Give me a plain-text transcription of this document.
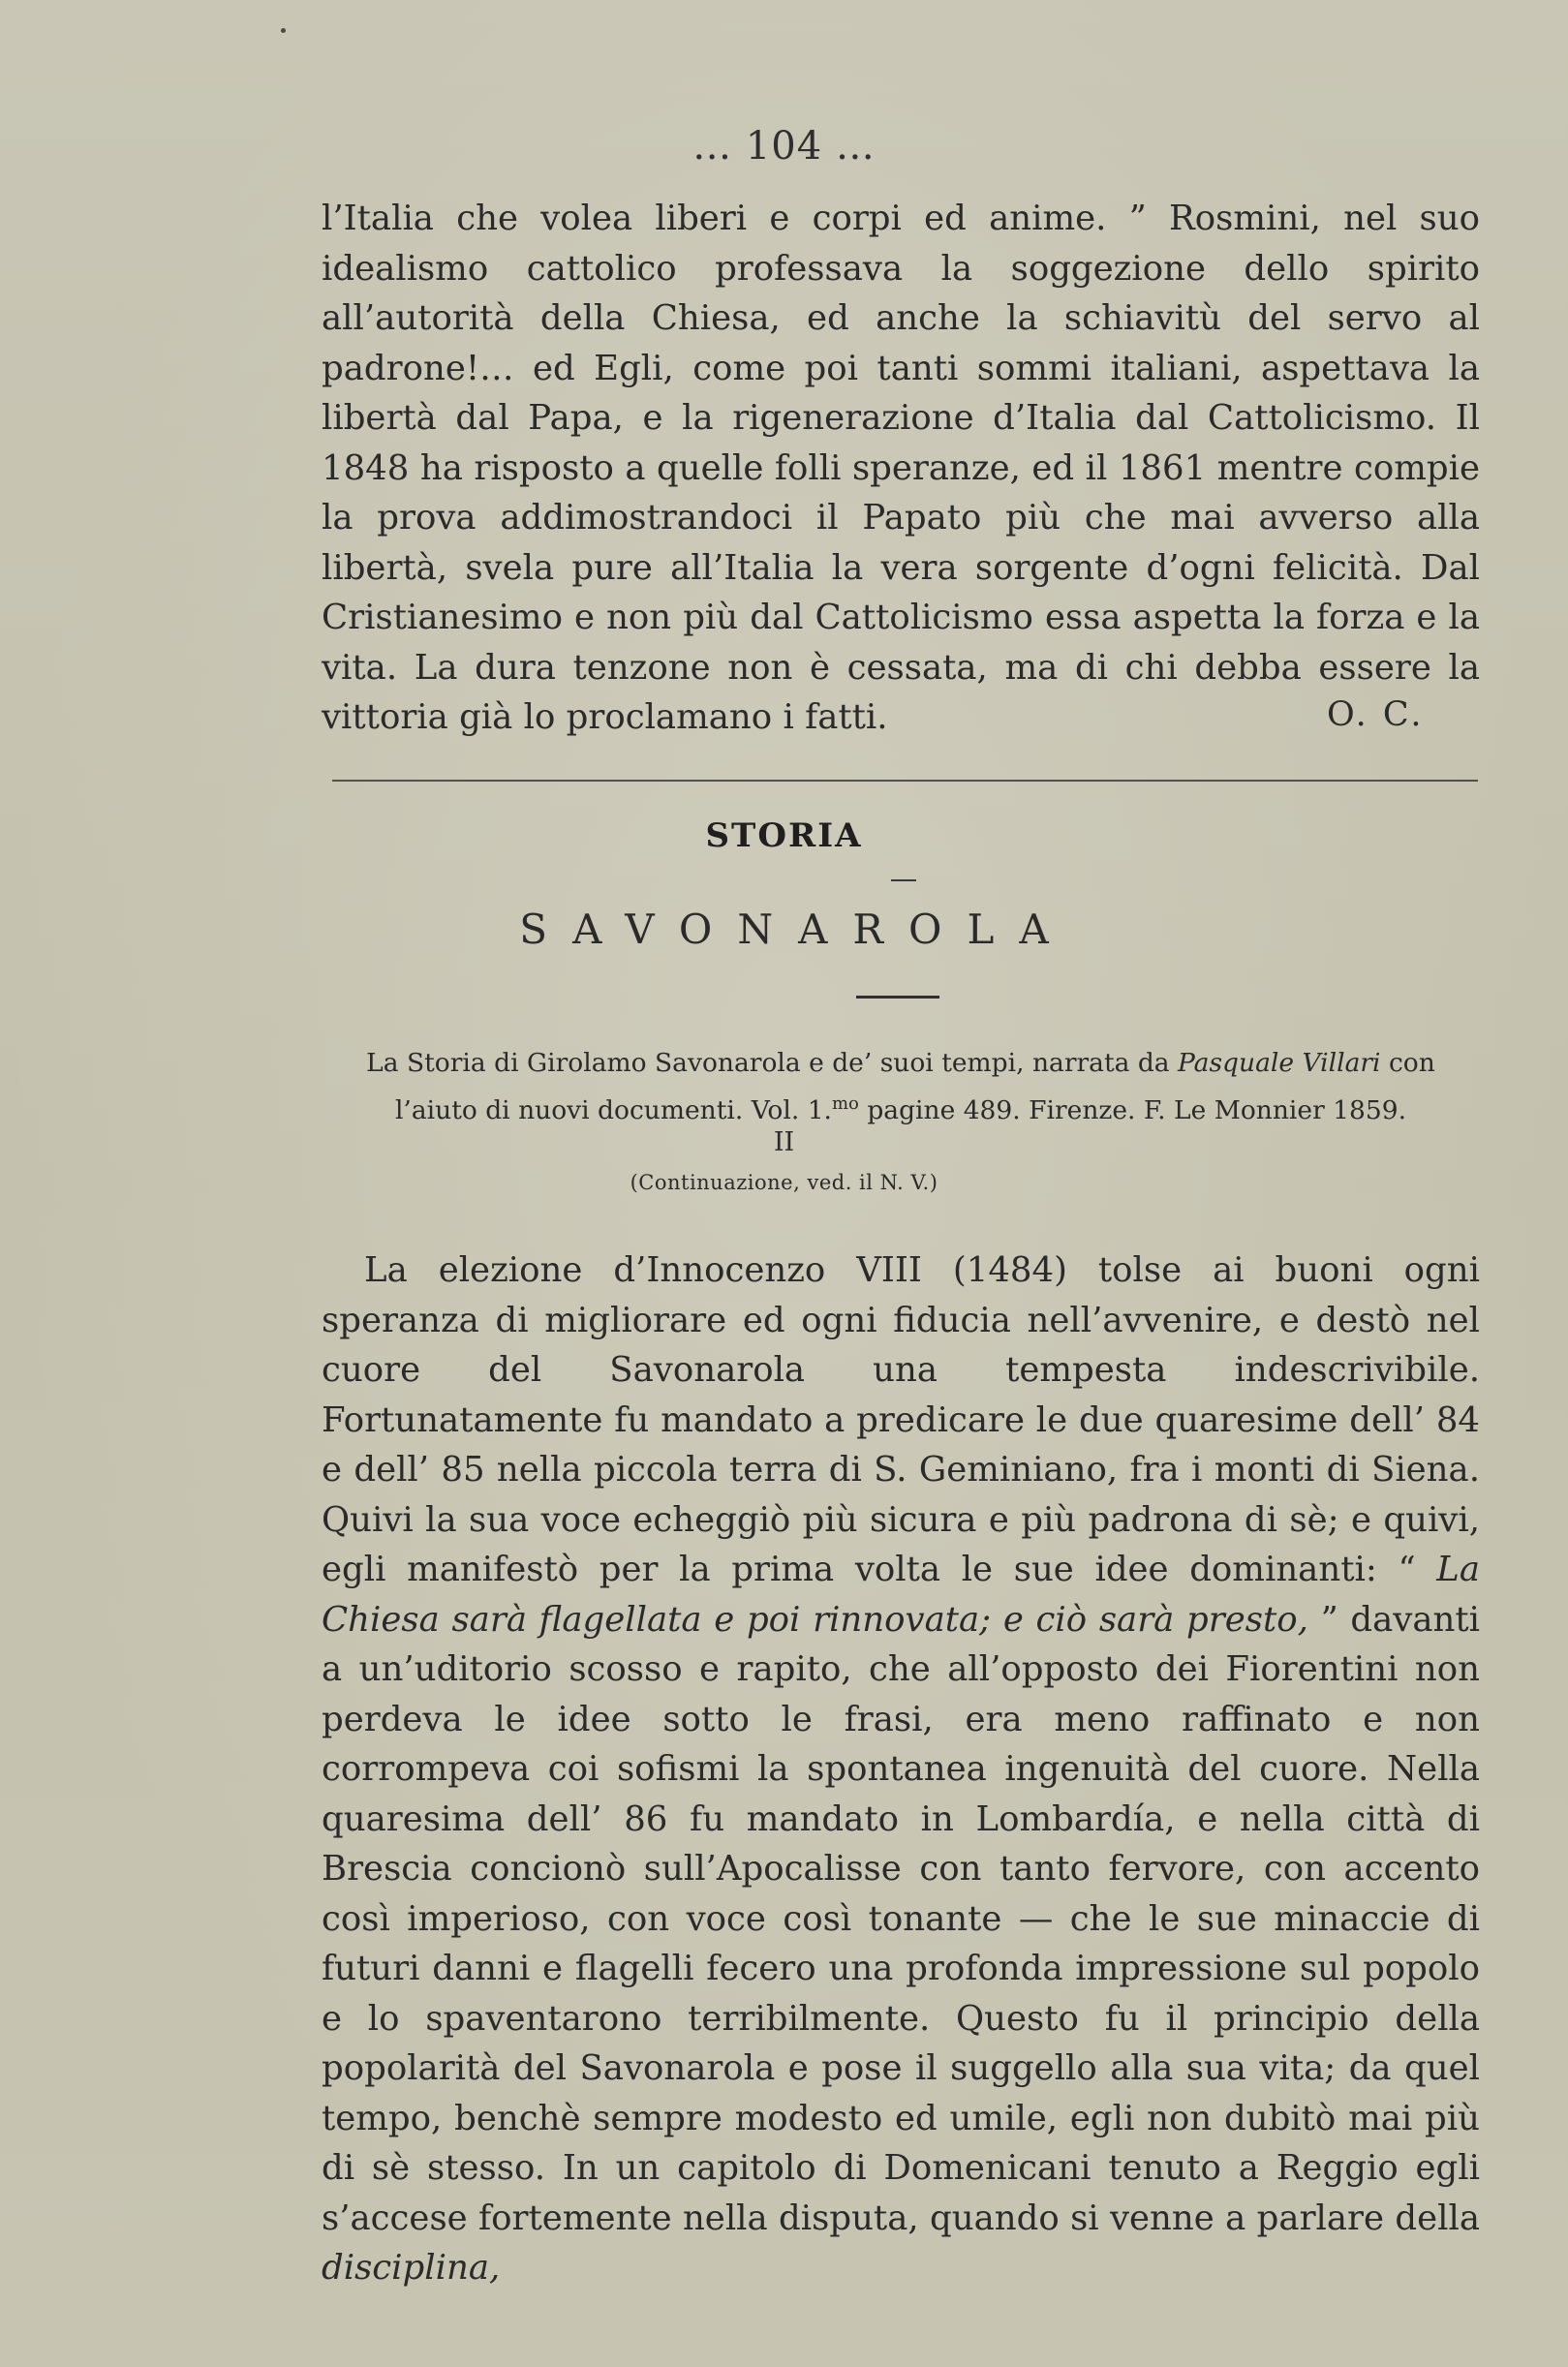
… 104 …

l’Italia che volea liberi e corpi ed anime. ” Rosmini, nel suo idealismo cattolico professava la soggezione dello spirito all’autorità della Chiesa, ed anche la schiavitù del servo al padrone!… ed Egli, come poi tanti sommi italiani, aspettava la libertà dal Papa, e la rigenerazione d’Italia dal Cattolicismo. Il 1848 ha risposto a quelle folli speranze, ed il 1861 mentre compie la prova addimostrandoci il Papato più che mai avverso alla libertà, svela pure all’Italia la vera sorgente d’ogni felicità. Dal Cristianesimo e non più dal Cattolicismo essa aspetta la forza e la vita. La dura tenzone non è cessata, ma di chi debba essere la vittoria già lo proclamano i fatti.	O. C.
STORIA
SAVONAROLA
La Storia di Girolamo Savonarola e de’ suoi tempi, narrata da Pasquale Villari con
l’aiuto di nuovi documenti. Vol. 1.$^{mo}$ pagine 489. Firenze. F. Le Monnier 1859.
II
(Continuazione, ved. il N. V.)

La elezione d’Innocenzo VIII (1484) tolse ai buoni ogni speranza di migliorare ed ogni fiducia nell’avvenire, e destò nel cuore del Savonarola una tempesta indescrivibile. Fortunatamente fu mandato a predicare le due quaresime dell’ 84 e dell’ 85 nella piccola terra di S. Geminiano, fra i monti di Siena. Quivi la sua voce echeggiò più sicura e più padrona di sè; e quivi, egli manifestò per la prima volta le sue idee dominanti: “ La Chiesa sarà flagellata e poi rinnovata; e ciò sarà presto, ” davanti a un’uditorio scosso e rapito, che all’opposto dei Fiorentini non perdeva le idee sotto le frasi, era meno raffinato e non corrompeva coi sofismi la spontanea ingenuità del cuore. Nella quaresima dell’ 86 fu mandato in Lombardía, e nella città di Brescia concionò sull’Apocalisse con tanto fervore, con accento così imperioso, con voce così tonante — che le sue minaccie di futuri danni e flagelli fecero una profonda impressione sul popolo e lo spaventarono terribilmente. Questo fu il principio della popolarità del Savonarola e pose il suggello alla sua vita; da quel tempo, benchè sempre modesto ed umile, egli non dubitò mai più di sè stesso. In un capitolo di Domenicani tenuto a Reggio egli s’accese fortemente nella disputa, quando si venne a parlare della disciplina,
